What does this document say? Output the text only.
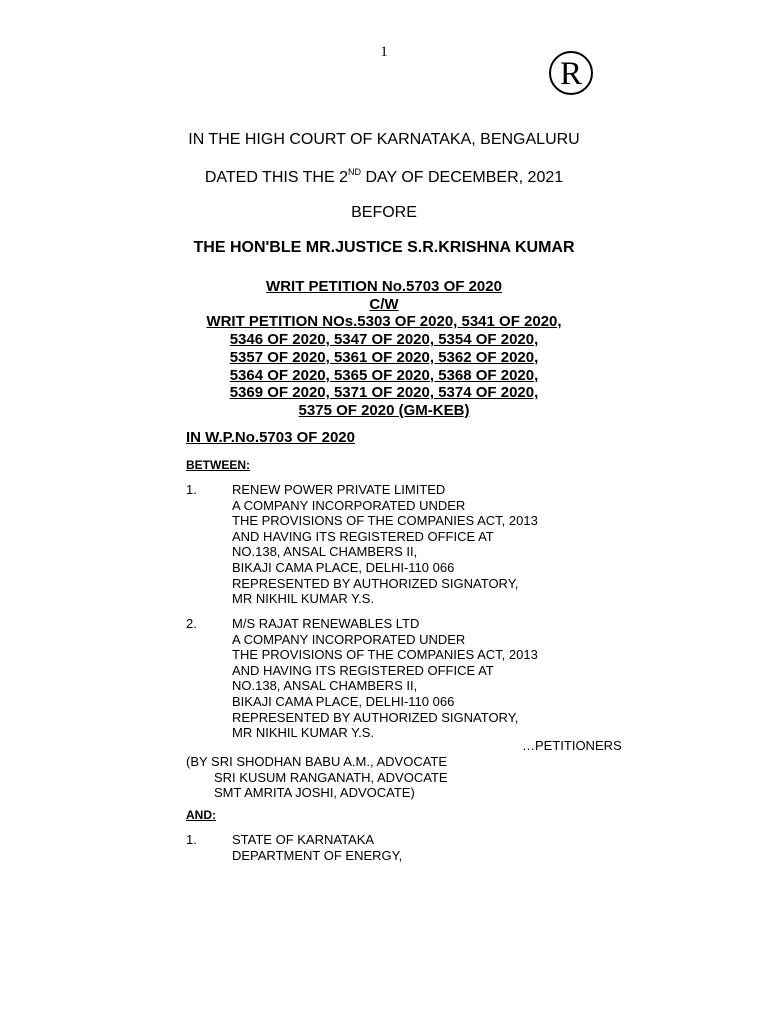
1
R
IN THE HIGH COURT OF KARNATAKA, BENGALURU
DATED THIS THE 2ND DAY OF DECEMBER, 2021
BEFORE
THE HON'BLE MR.JUSTICE S.R.KRISHNA KUMAR
WRIT PETITION No.5703 OF 2020
C/W
WRIT PETITION NOs.5303 OF 2020, 5341 OF 2020,
5346 OF 2020, 5347 OF 2020, 5354 OF 2020,
5357 OF 2020, 5361 OF 2020, 5362 OF 2020,
5364 OF 2020, 5365 OF 2020, 5368 OF 2020,
5369 OF 2020, 5371 OF 2020, 5374 OF 2020,
5375 OF 2020 (GM-KEB)
IN W.P.No.5703 OF 2020
BETWEEN:
1.	RENEW POWER PRIVATE LIMITED
A COMPANY INCORPORATED UNDER
THE PROVISIONS OF THE COMPANIES ACT, 2013
AND HAVING ITS REGISTERED OFFICE AT
NO.138, ANSAL CHAMBERS II,
BIKAJI CAMA PLACE, DELHI-110 066
REPRESENTED BY AUTHORIZED SIGNATORY,
MR NIKHIL KUMAR Y.S.
2.	M/S RAJAT RENEWABLES LTD
A COMPANY INCORPORATED UNDER
THE PROVISIONS OF THE COMPANIES ACT, 2013
AND HAVING ITS REGISTERED OFFICE AT
NO.138, ANSAL CHAMBERS II,
BIKAJI CAMA PLACE, DELHI-110 066
REPRESENTED BY AUTHORIZED SIGNATORY,
MR NIKHIL KUMAR Y.S.
…PETITIONERS
(BY SRI SHODHAN BABU A.M., ADVOCATE
SRI KUSUM RANGANATH, ADVOCATE
SMT AMRITA JOSHI, ADVOCATE)
AND:
1.	STATE OF KARNATAKA
DEPARTMENT OF ENERGY,
